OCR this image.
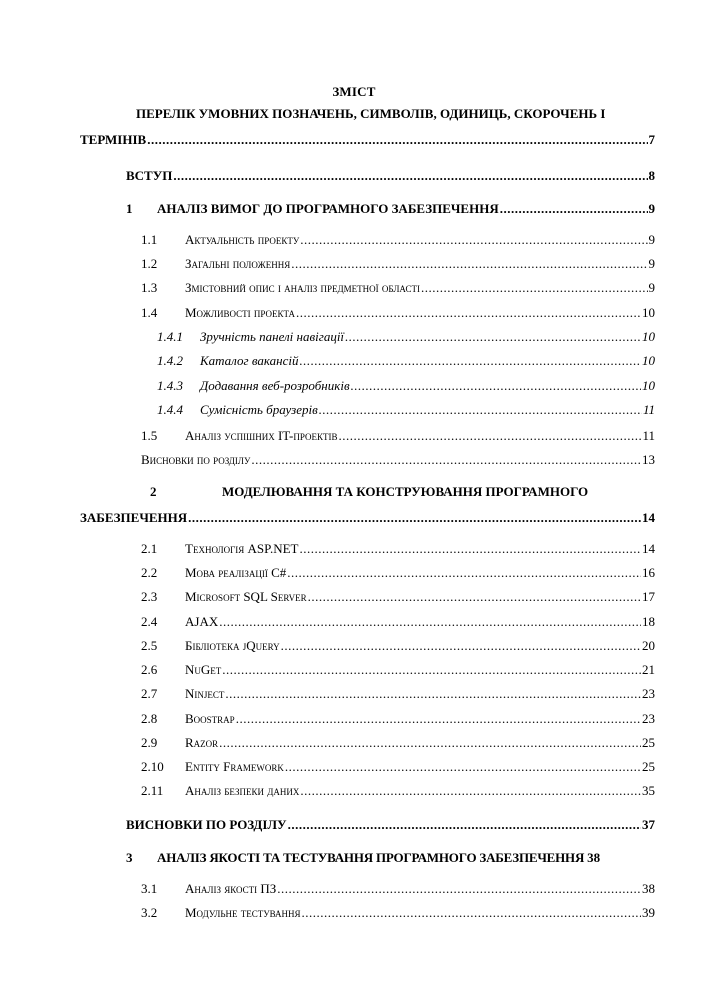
ЗМІСТ
ПЕРЕЛІК УМОВНИХ ПОЗНАЧЕНЬ, СИМВОЛІВ, ОДИНИЦЬ, СКОРОЧЕНЬ І
ТЕРМІНІВ .....	7
ВСТУП .....	8
1	АНАЛІЗ ВИМОГ ДО ПРОГРАМНОГО ЗАБЕЗПЕЧЕННЯ .....	9
1.1	Актуальність проекту .....	9
1.2	Загальні положення .....	9
1.3	Змістовний опис і аналіз предметної області .....	9
1.4	Можливості проекта .....	10
1.4.1	Зручність панелі навігації .....	10
1.4.2	Каталог вакансій .....	10
1.4.3	Додавання веб-розробників .....	10
1.4.4	Сумісність браузерів .....	11
1.5	Аналіз успішних IT-проектів .....	11
Висновки по розділу .....	13
2	МОДЕЛЮВАННЯ ТА КОНСТРУЮВАННЯ ПРОГРАМНОГО
ЗАБЕЗПЕЧЕННЯ .....	14
2.1	Технологія ASP.NET .....	14
2.2	Мова реалізації C# .....	16
2.3	Microsoft SQL Server .....	17
2.4	AJAX .....	18
2.5	Бібліотека jQuery .....	20
2.6	NuGet .....	21
2.7	Ninject .....	23
2.8	Boostrap .....	23
2.9	Razor .....	25
2.10	Entity Framework .....	25
2.11	Аналіз безпеки даних .....	35
ВИСНОВКИ ПО РОЗДІЛУ .....	37
3	АНАЛІЗ ЯКОСТІ ТА ТЕСТУВАННЯ ПРОГРАМНОГО ЗАБЕЗПЕЧЕННЯ 38
3.1	Аналіз якості ПЗ .....	38
3.2	Модульне тестування .....	39
